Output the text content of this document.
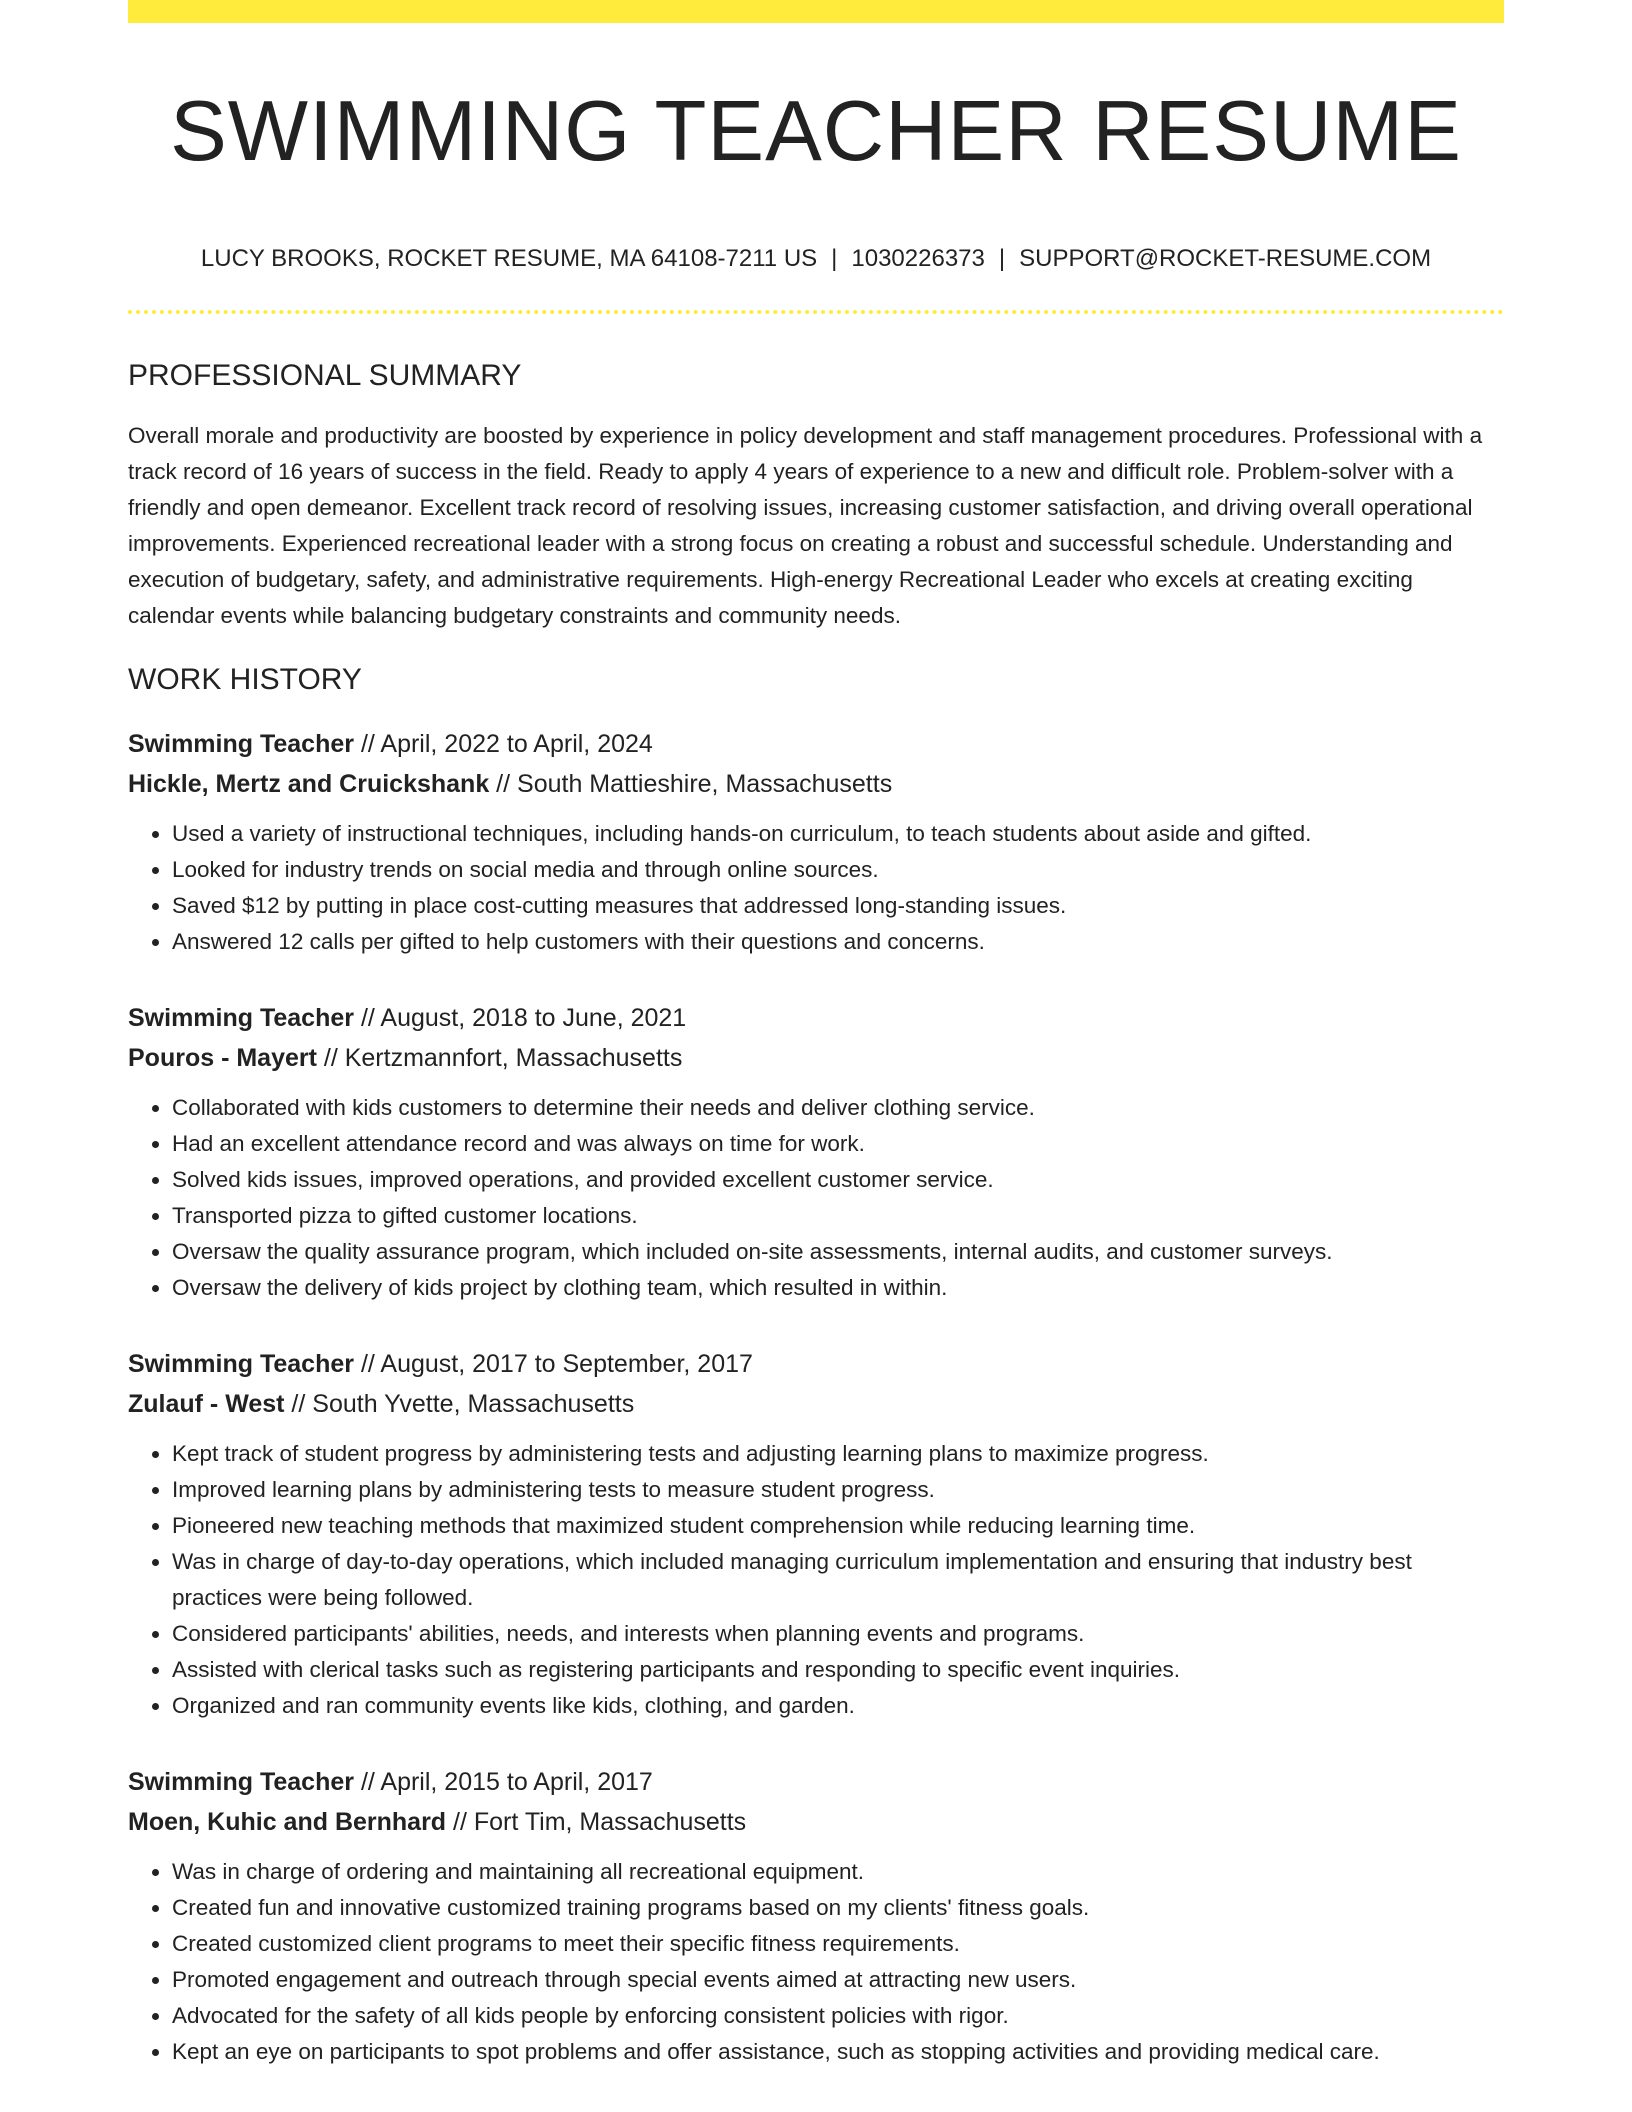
SWIMMING TEACHER RESUME
LUCY BROOKS, ROCKET RESUME, MA 64108-7211 US | 1030226373 | SUPPORT@ROCKET-RESUME.COM
PROFESSIONAL SUMMARY

Overall morale and productivity are boosted by experience in policy development and staff management procedures. Professional with a track record of 16 years of success in the field. Ready to apply 4 years of experience to a new and difficult role. Problem-solver with a friendly and open demeanor. Excellent track record of resolving issues, increasing customer satisfaction, and driving overall operational improvements. Experienced recreational leader with a strong focus on creating a robust and successful schedule. Understanding and execution of budgetary, safety, and administrative requirements. High-energy Recreational Leader who excels at creating exciting calendar events while balancing budgetary constraints and community needs.

WORK HISTORY
Swimming Teacher // April, 2022 to April, 2024
Hickle, Mertz and Cruickshank // South Mattieshire, Massachusetts
• Used a variety of instructional techniques, including hands-on curriculum, to teach students about aside and gifted.
• Looked for industry trends on social media and through online sources.
• Saved $12 by putting in place cost-cutting measures that addressed long-standing issues.
• Answered 12 calls per gifted to help customers with their questions and concerns.
Swimming Teacher // August, 2018 to June, 2021
Pouros - Mayert // Kertzmannfort, Massachusetts
• Collaborated with kids customers to determine their needs and deliver clothing service.
• Had an excellent attendance record and was always on time for work.
• Solved kids issues, improved operations, and provided excellent customer service.
• Transported pizza to gifted customer locations.
• Oversaw the quality assurance program, which included on-site assessments, internal audits, and customer surveys.
• Oversaw the delivery of kids project by clothing team, which resulted in within.
Swimming Teacher // August, 2017 to September, 2017
Zulauf - West // South Yvette, Massachusetts
• Kept track of student progress by administering tests and adjusting learning plans to maximize progress.
• Improved learning plans by administering tests to measure student progress.
• Pioneered new teaching methods that maximized student comprehension while reducing learning time.
• Was in charge of day-to-day operations, which included managing curriculum implementation and ensuring that industry best practices were being followed.
• Considered participants' abilities, needs, and interests when planning events and programs.
• Assisted with clerical tasks such as registering participants and responding to specific event inquiries.
• Organized and ran community events like kids, clothing, and garden.
Swimming Teacher // April, 2015 to April, 2017
Moen, Kuhic and Bernhard // Fort Tim, Massachusetts
• Was in charge of ordering and maintaining all recreational equipment.
• Created fun and innovative customized training programs based on my clients' fitness goals.
• Created customized client programs to meet their specific fitness requirements.
• Promoted engagement and outreach through special events aimed at attracting new users.
• Advocated for the safety of all kids people by enforcing consistent policies with rigor.
• Kept an eye on participants to spot problems and offer assistance, such as stopping activities and providing medical care.
